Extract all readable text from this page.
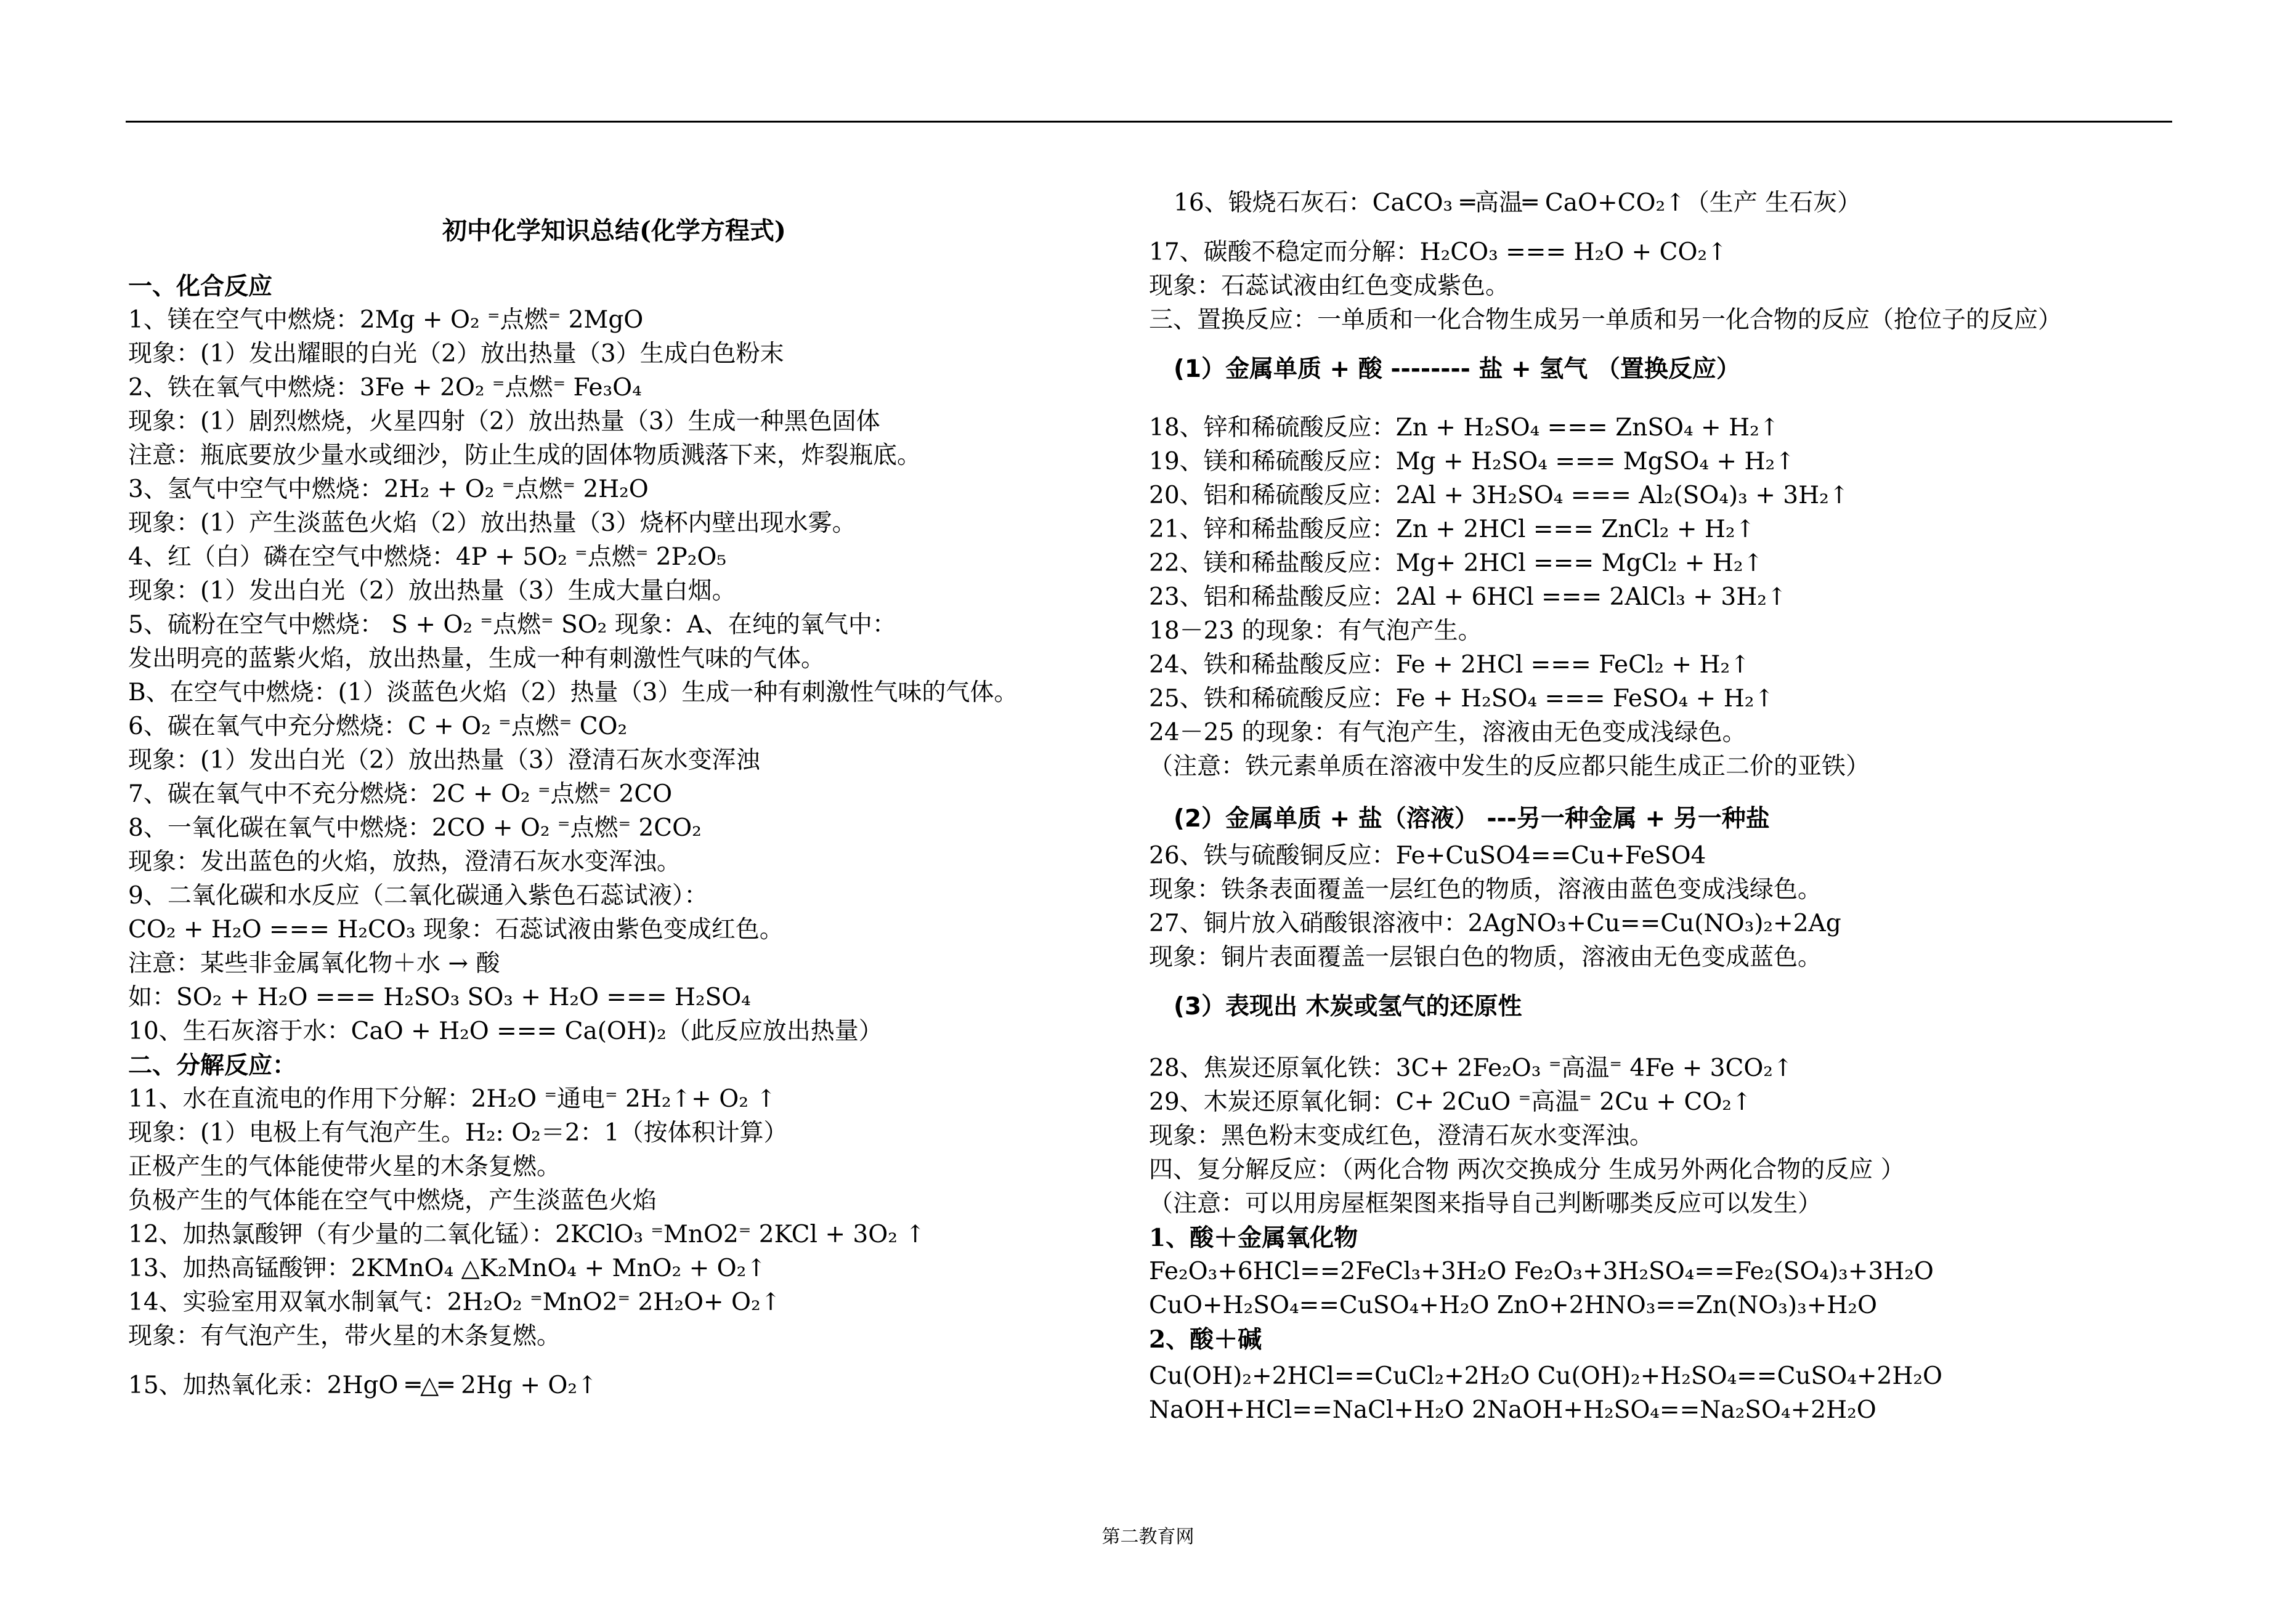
初中化学知识总结(化学方程式)
一、化合反应
1、镁在空气中燃烧：2Mg + O₂ ⁼点燃⁼ 2MgO
现象：(1）发出耀眼的白光（2）放出热量（3）生成白色粉末
2、铁在氧气中燃烧：3Fe + 2O₂ ⁼点燃⁼ Fe₃O₄
现象：(1）剧烈燃烧，火星四射（2）放出热量（3）生成一种黑色固体
注意：瓶底要放少量水或细沙，防止生成的固体物质溅落下来，炸裂瓶底。
3、氢气中空气中燃烧：2H₂ + O₂ ⁼点燃⁼ 2H₂O
现象：(1）产生淡蓝色火焰（2）放出热量（3）烧杯内壁出现水雾。
4、红（白）磷在空气中燃烧：4P + 5O₂ ⁼点燃⁼ 2P₂O₅
现象：(1）发出白光（2）放出热量（3）生成大量白烟。
5、硫粉在空气中燃烧： S + O₂ ⁼点燃⁼ SO₂ 现象：A、在纯的氧气中：
发出明亮的蓝紫火焰，放出热量，生成一种有刺激性气味的气体。
B、在空气中燃烧：(1）淡蓝色火焰（2）热量（3）生成一种有刺激性气味的气体。
6、碳在氧气中充分燃烧：C + O₂ ⁼点燃⁼ CO₂
现象：(1）发出白光（2）放出热量（3）澄清石灰水变浑浊
7、碳在氧气中不充分燃烧：2C + O₂ ⁼点燃⁼ 2CO
8、一氧化碳在氧气中燃烧：2CO + O₂ ⁼点燃⁼ 2CO₂
现象：发出蓝色的火焰，放热，澄清石灰水变浑浊。
9、二氧化碳和水反应（二氧化碳通入紫色石蕊试液）：
CO₂ + H₂O === H₂CO₃ 现象：石蕊试液由紫色变成红色。
注意：某些非金属氧化物＋水 → 酸
如：SO₂ + H₂O === H₂SO₃ SO₃ + H₂O === H₂SO₄
10、生石灰溶于水：CaO + H₂O === Ca(OH)₂（此反应放出热量）
二、分解反应：
11、水在直流电的作用下分解：2H₂O ⁼通电⁼ 2H₂↑+ O₂ ↑
现象：(1）电极上有气泡产生。H₂: O₂＝2：1（按体积计算）
正极产生的气体能使带火星的木条复燃。
负极产生的气体能在空气中燃烧，产生淡蓝色火焰
12、加热氯酸钾（有少量的二氧化锰）：2KClO₃ ⁼MnO2⁼ 2KCl + 3O₂ ↑
13、加热高锰酸钾：2KMnO₄ △K₂MnO₄ + MnO₂ + O₂↑
14、实验室用双氧水制氧气：2H₂O₂ ⁼MnO2⁼ 2H₂O+ O₂↑
现象：有气泡产生，带火星的木条复燃。
15、加热氧化汞：2HgO ═△═ 2Hg + O₂↑
16、锻烧石灰石：CaCO₃ ═高温═ CaO+CO₂↑（生产 生石灰）
17、碳酸不稳定而分解：H₂CO₃ === H₂O + CO₂↑
现象：石蕊试液由红色变成紫色。
三、置换反应：一单质和一化合物生成另一单质和另一化合物的反应（抢位子的反应）
(1）金属单质 + 酸 -------- 盐 + 氢气 （置换反应）
18、锌和稀硫酸反应：Zn + H₂SO₄ === ZnSO₄ + H₂↑
19、镁和稀硫酸反应：Mg + H₂SO₄ === MgSO₄ + H₂↑
20、铝和稀硫酸反应：2Al + 3H₂SO₄ === Al₂(SO₄)₃ + 3H₂↑
21、锌和稀盐酸反应：Zn + 2HCl === ZnCl₂ + H₂↑
22、镁和稀盐酸反应：Mg+ 2HCl === MgCl₂ + H₂↑
23、铝和稀盐酸反应：2Al + 6HCl === 2AlCl₃ + 3H₂↑
18－23 的现象：有气泡产生。
24、铁和稀盐酸反应：Fe + 2HCl === FeCl₂ + H₂↑
25、铁和稀硫酸反应：Fe + H₂SO₄ === FeSO₄ + H₂↑
24－25 的现象：有气泡产生，溶液由无色变成浅绿色。
（注意：铁元素单质在溶液中发生的反应都只能生成正二价的亚铁）
(2）金属单质 + 盐（溶液） ---另一种金属 + 另一种盐
26、铁与硫酸铜反应：Fe+CuSO4==Cu+FeSO4
现象：铁条表面覆盖一层红色的物质，溶液由蓝色变成浅绿色。
27、铜片放入硝酸银溶液中：2AgNO₃+Cu==Cu(NO₃)₂+2Ag
现象：铜片表面覆盖一层银白色的物质，溶液由无色变成蓝色。
(3）表现出 木炭或氢气的还原性
28、焦炭还原氧化铁：3C+ 2Fe₂O₃ ⁼高温⁼ 4Fe + 3CO₂↑
29、木炭还原氧化铜：C+ 2CuO ⁼高温⁼ 2Cu + CO₂↑
现象：黑色粉末变成红色，澄清石灰水变浑浊。
四、复分解反应：（两化合物 两次交换成分 生成另外两化合物的反应 ）
（注意：可以用房屋框架图来指导自己判断哪类反应可以发生）
1、酸＋金属氧化物
Fe₂O₃+6HCl==2FeCl₃+3H₂O Fe₂O₃+3H₂SO₄==Fe₂(SO₄)₃+3H₂O
CuO+H₂SO₄==CuSO₄+H₂O ZnO+2HNO₃==Zn(NO₃)₃+H₂O
2、酸＋碱
Cu(OH)₂+2HCl==CuCl₂+2H₂O Cu(OH)₂+H₂SO₄==CuSO₄+2H₂O
NaOH+HCl==NaCl+H₂O 2NaOH+H₂SO₄==Na₂SO₄+2H₂O
第二教育网
